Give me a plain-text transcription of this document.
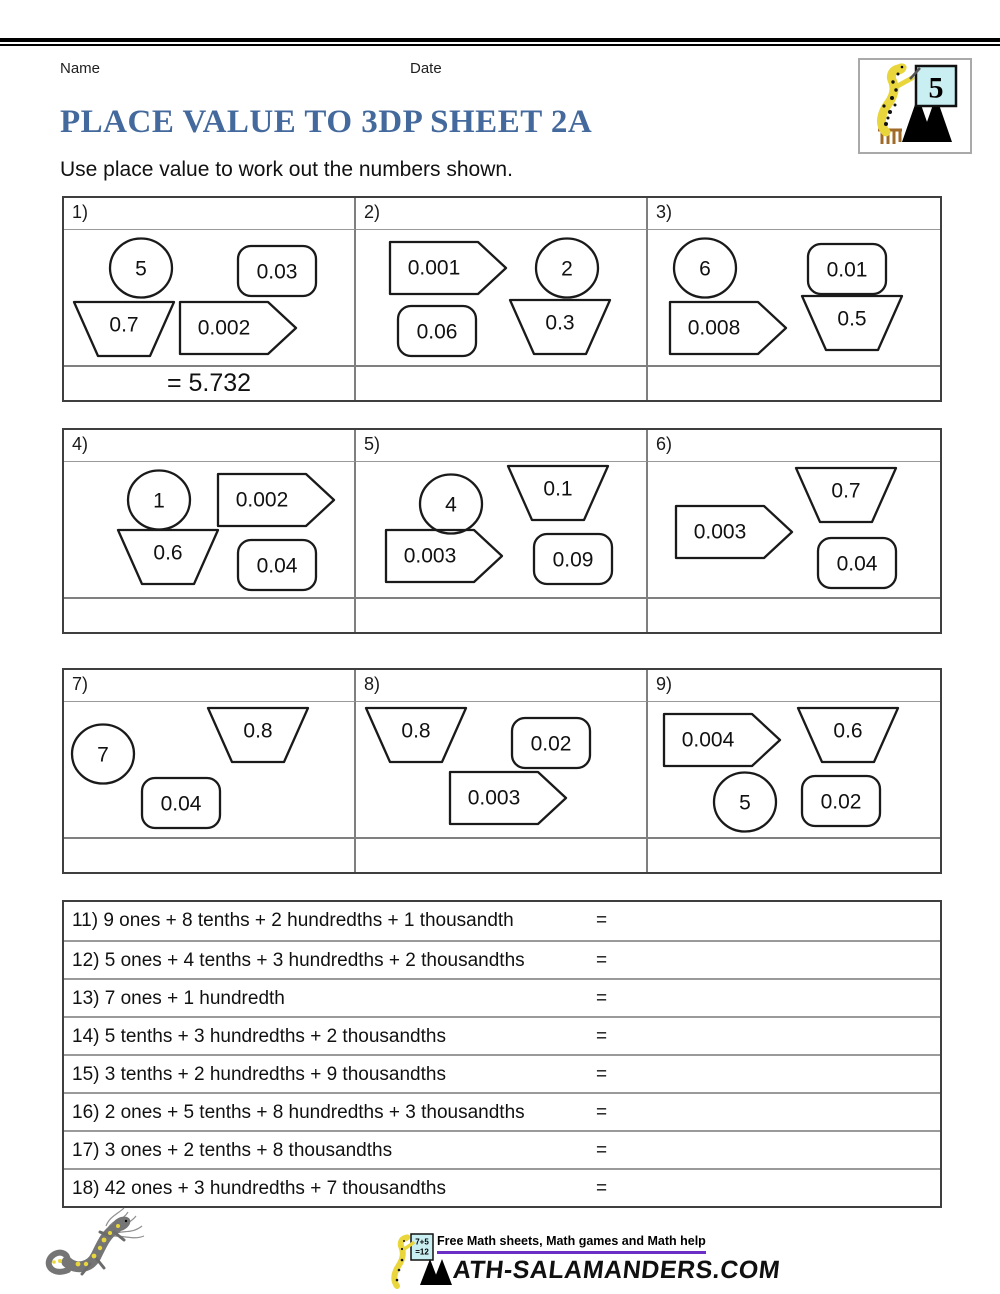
Name	Date
5
PLACE VALUE TO 3DP SHEET 2A

Use place value to work out the numbers shown.

1)	2)	3)
5	0.03
0.7	0.002
0.001	2
0.06	0.3
6	0.01
0.008	0.5
= 5.732
4)	5)	6)
1	0.002
0.6
0.04
4
0.1
0.003	0.09
0.003
0.7
0.04
7)	8)	9)
7
0.8
0.04
0.8
0.02
0.003
0.004	0.6
5	0.02
11) 9 ones + 8 tenths + 2 hundredths + 1 thousandth	=
12) 5 ones + 4 tenths + 3 hundredths + 2 thousandths	=
13) 7 ones + 1 hundredth	=
14) 5 tenths + 3 hundredths + 2 thousandths	=
15) 3 tenths + 2 hundredths + 9 thousandths	=
16) 2 ones + 5 tenths + 8 hundredths + 3 thousandths	=
17) 3 ones + 2 tenths + 8 thousandths	=
18) 42 ones + 3 hundredths + 7 thousandths	=
7+5
=12
Free Math sheets, Math games and Math help
ATH-SALAMANDERS.COM
